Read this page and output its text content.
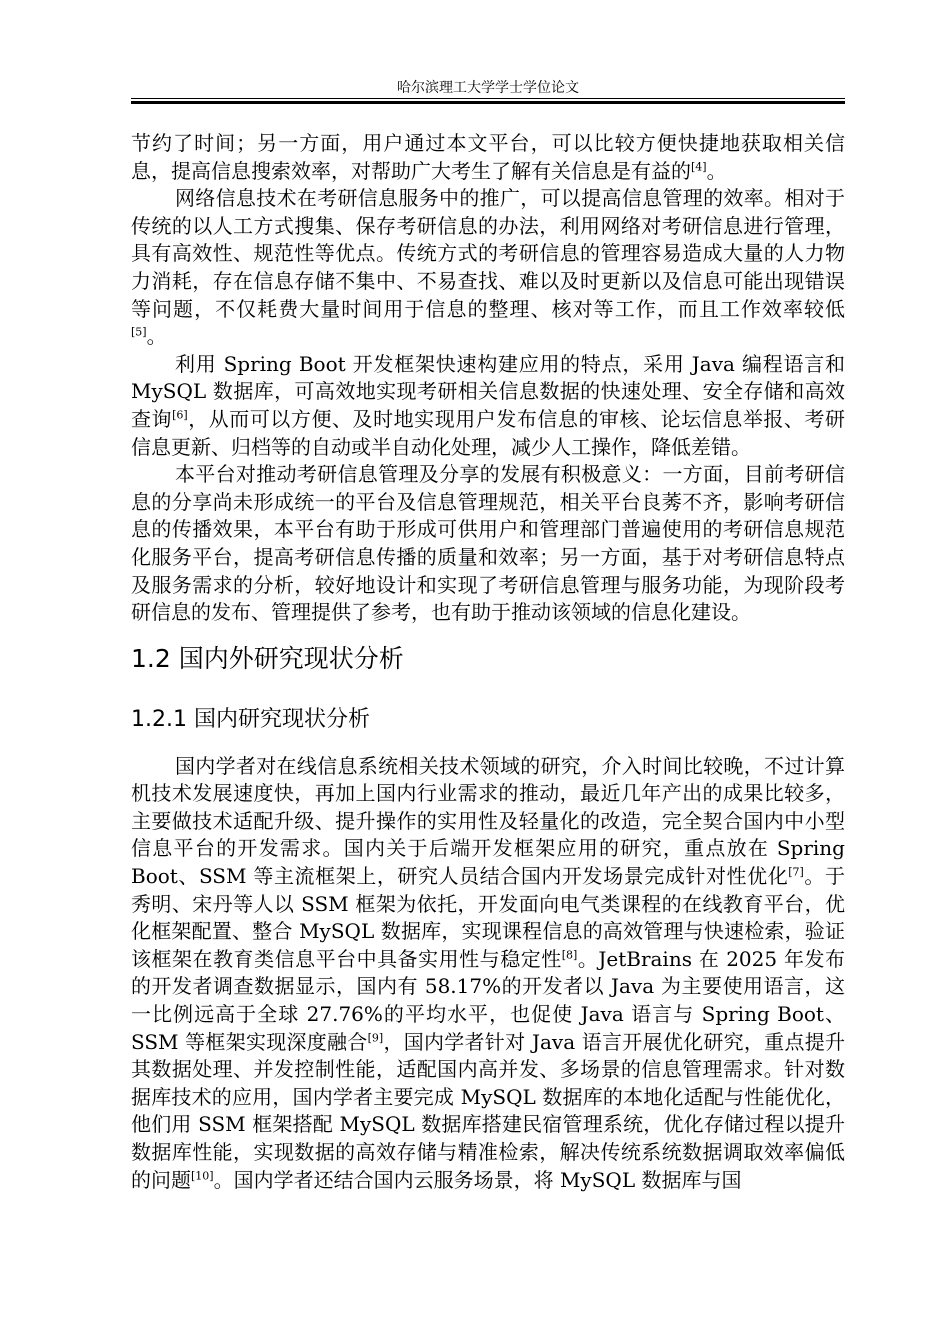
哈尔滨理工大学学士学位论文

节约了时间；另一方面，用户通过本文平台，可以比较方便快捷地获取相关信息，提高信息搜索效率，对帮助广大考生了解有关信息是有益的[4]。

网络信息技术在考研信息服务中的推广，可以提高信息管理的效率。相对于传统的以人工方式搜集、保存考研信息的办法，利用网络对考研信息进行管理，具有高效性、规范性等优点。传统方式的考研信息的管理容易造成大量的人力物力消耗，存在信息存储不集中、不易查找、难以及时更新以及信息可能出现错误等问题，不仅耗费大量时间用于信息的整理、核对等工作，而且工作效率较低[5]。

利用 Spring Boot 开发框架快速构建应用的特点，采用 Java 编程语言和 MySQL 数据库，可高效地实现考研相关信息数据的快速处理、安全存储和高效查询[6]，从而可以方便、及时地实现用户发布信息的审核、论坛信息举报、考研信息更新、归档等的自动或半自动化处理，减少人工操作，降低差错。

本平台对推动考研信息管理及分享的发展有积极意义：一方面，目前考研信息的分享尚未形成统一的平台及信息管理规范，相关平台良莠不齐，影响考研信息的传播效果，本平台有助于形成可供用户和管理部门普遍使用的考研信息规范化服务平台，提高考研信息传播的质量和效率；另一方面，基于对考研信息特点及服务需求的分析，较好地设计和实现了考研信息管理与服务功能，为现阶段考研信息的发布、管理提供了参考，也有助于推动该领域的信息化建设。

1.2 国内外研究现状分析
1.2.1 国内研究现状分析

国内学者对在线信息系统相关技术领域的研究，介入时间比较晚，不过计算机技术发展速度快，再加上国内行业需求的推动，最近几年产出的成果比较多，主要做技术适配升级、提升操作的实用性及轻量化的改造，完全契合国内中小型信息平台的开发需求。国内关于后端开发框架应用的研究，重点放在 Spring Boot、SSM 等主流框架上，研究人员结合国内开发场景完成针对性优化[7]。于秀明、宋丹等人以 SSM 框架为依托，开发面向电气类课程的在线教育平台，优化框架配置、整合 MySQL 数据库，实现课程信息的高效管理与快速检索，验证该框架在教育类信息平台中具备实用性与稳定性[8]。JetBrains 在 2025 年发布的开发者调查数据显示，国内有 58.17%的开发者以 Java 为主要使用语言，这一比例远高于全球 27.76%的平均水平，也促使 Java 语言与 Spring Boot、SSM 等框架实现深度融合[9]，国内学者针对 Java 语言开展优化研究，重点提升其数据处理、并发控制性能，适配国内高并发、多场景的信息管理需求。针对数据库技术的应用，国内学者主要完成 MySQL 数据库的本地化适配与性能优化，他们用 SSM 框架搭配 MySQL 数据库搭建民宿管理系统，优化存储过程以提升数据库性能，实现数据的高效存储与精准检索，解决传统系统数据调取效率偏低的问题[10]。国内学者还结合国内云服务场景，将 MySQL 数据库与国
